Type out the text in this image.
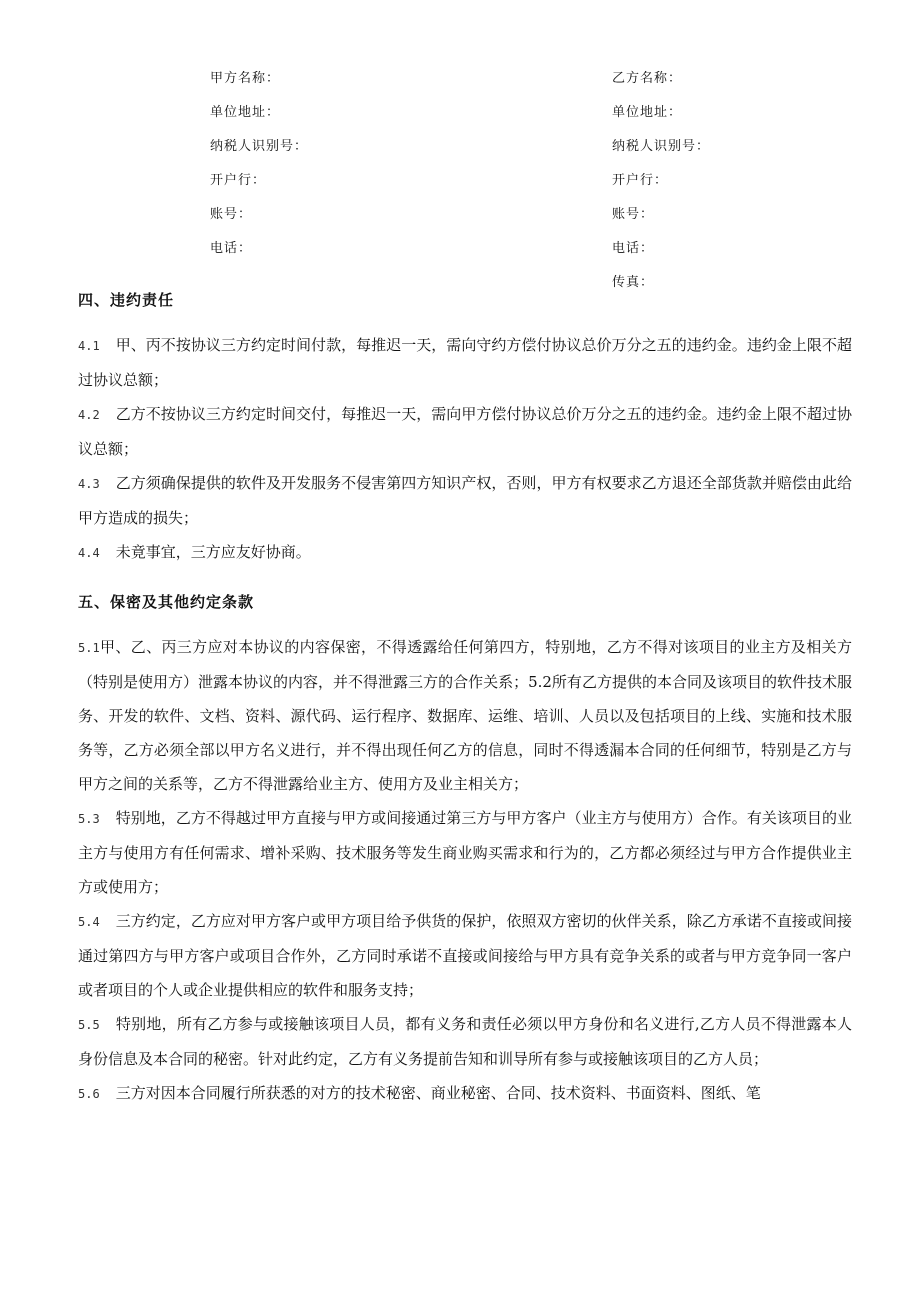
甲方名称：
单位地址：
纳税人识别号：
开户行：
账号：
电话：
乙方名称：
单位地址：
纳税人识别号：
开户行：
账号：
电话：
传真：
四、违约责任

4.1 甲、丙不按协议三方约定时间付款，每推迟一天，需向守约方偿付协议总价万分之五的违约金。违约金上限不超过协议总额；

4.2 乙方不按协议三方约定时间交付，每推迟一天，需向甲方偿付协议总价万分之五的违约金。违约金上限不超过协议总额；

4.3 乙方须确保提供的软件及开发服务不侵害第四方知识产权，否则，甲方有权要求乙方退还全部货款并赔偿由此给甲方造成的损失；

4.4 未竟事宜，三方应友好协商。

五、保密及其他约定条款

5.1甲、乙、丙三方应对本协议的内容保密，不得透露给任何第四方，特别地，乙方不得对该项目的业主方及相关方（特别是使用方）泄露本协议的内容，并不得泄露三方的合作关系；5.2所有乙方提供的本合同及该项目的软件技术服务、开发的软件、文档、资料、源代码、运行程序、数据库、运维、培训、人员以及包括项目的上线、实施和技术服务等，乙方必须全部以甲方名义进行，并不得出现任何乙方的信息，同时不得透漏本合同的任何细节，特别是乙方与甲方之间的关系等，乙方不得泄露给业主方、使用方及业主相关方；

5.3 特别地，乙方不得越过甲方直接与甲方或间接通过第三方与甲方客户（业主方与使用方）合作。有关该项目的业主方与使用方有任何需求、增补采购、技术服务等发生商业购买需求和行为的，乙方都必须经过与甲方合作提供业主方或使用方；

5.4 三方约定，乙方应对甲方客户或甲方项目给予供货的保护，依照双方密切的伙伴关系，除乙方承诺不直接或间接通过第四方与甲方客户或项目合作外，乙方同时承诺不直接或间接给与甲方具有竞争关系的或者与甲方竞争同一客户或者项目的个人或企业提供相应的软件和服务支持；

5.5 特别地，所有乙方参与或接触该项目人员，都有义务和责任必须以甲方身份和名义进行,乙方人员不得泄露本人身份信息及本合同的秘密。针对此约定，乙方有义务提前告知和训导所有参与或接触该项目的乙方人员；

5.6 三方对因本合同履行所获悉的对方的技术秘密、商业秘密、合同、技术资料、书面资料、图纸、笔
